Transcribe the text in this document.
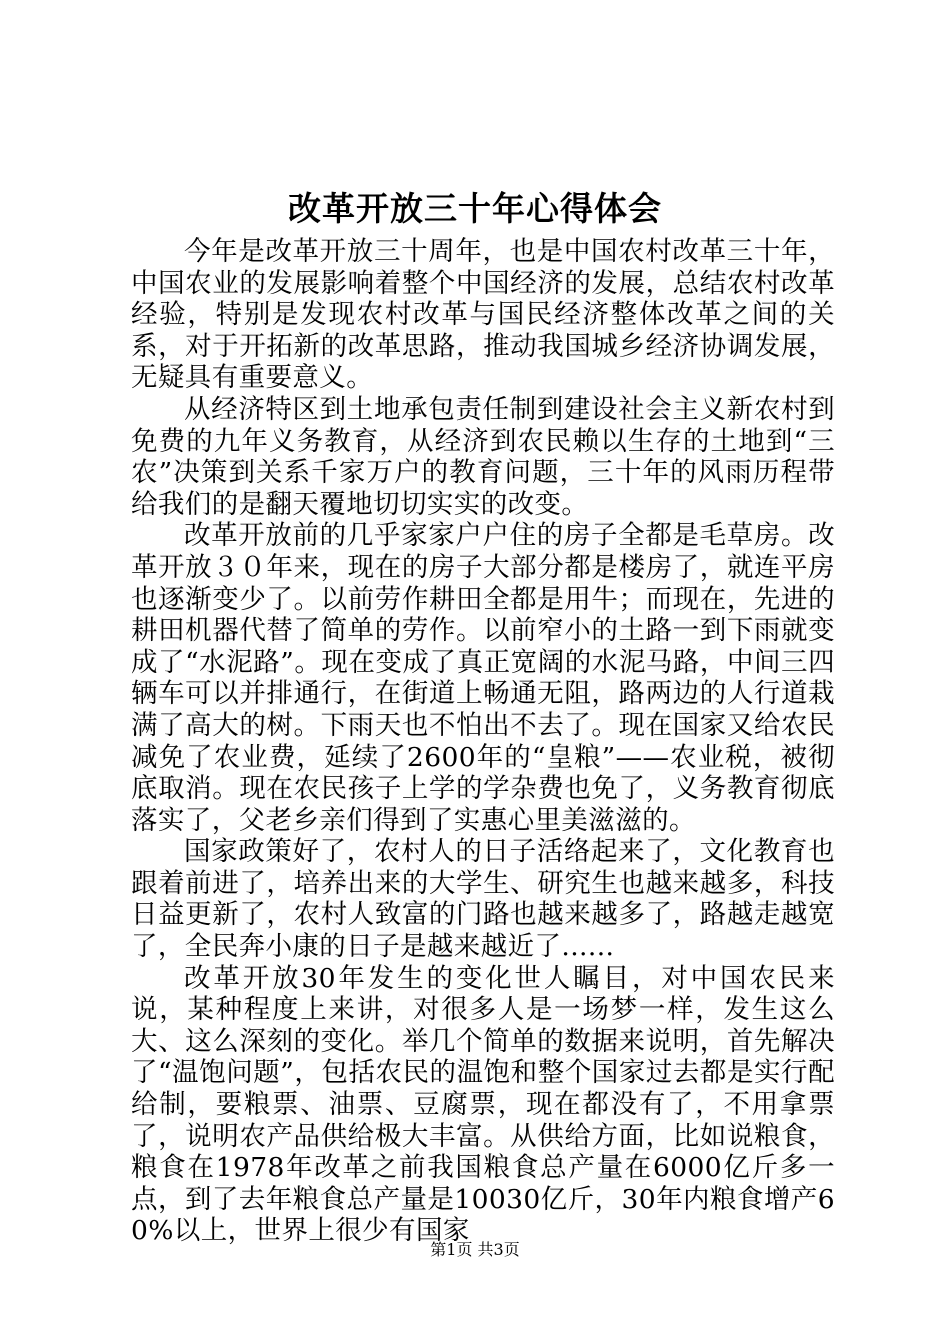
改革开放三十年心得体会

今年是改革开放三十周年，也是中国农村改革三十年，中国农业的发展影响着整个中国经济的发展，总结农村改革经验，特别是发现农村改革与国民经济整体改革之间的关系，对于开拓新的改革思路，推动我国城乡经济协调发展，无疑具有重要意义。

从经济特区到土地承包责任制到建设社会主义新农村到免费的九年义务教育，从经济到农民赖以生存的土地到“三农”决策到关系千家万户的教育问题，三十年的风雨历程带给我们的是翻天覆地切切实实的改变。

改革开放前的几乎家家户户住的房子全都是毛草房。改革开放３０年来，现在的房子大部分都是楼房了，就连平房也逐渐变少了。以前劳作耕田全都是用牛；而现在，先进的耕田机器代替了简单的劳作。以前窄小的土路一到下雨就变成了“水泥路”。现在变成了真正宽阔的水泥马路，中间三四辆车可以并排通行，在街道上畅通无阻，路两边的人行道栽满了高大的树。下雨天也不怕出不去了。现在国家又给农民减免了农业费，延续了2600年的“皇粮”——农业税，被彻底取消。现在农民孩子上学的学杂费也免了，义务教育彻底落实了，父老乡亲们得到了实惠心里美滋滋的。

国家政策好了，农村人的日子活络起来了，文化教育也跟着前进了，培养出来的大学生、研究生也越来越多，科技日益更新了，农村人致富的门路也越来越多了，路越走越宽了，全民奔小康的日子是越来越近了......

改革开放30年发生的变化世人瞩目，对中国农民来说，某种程度上来讲，对很多人是一场梦一样，发生这么大、这么深刻的变化。举几个简单的数据来说明，首先解决了“温饱问题”，包括农民的温饱和整个国家过去都是实行配给制，要粮票、油票、豆腐票，现在都没有了，不用拿票了，说明农产品供给极大丰富。从供给方面，比如说粮食，粮食在1978年改革之前我国粮食总产量在6000亿斤多一点，到了去年粮食总产量是10030亿斤，30年内粮食增产60%以上，世界上很少有国家

第1页 共3页
